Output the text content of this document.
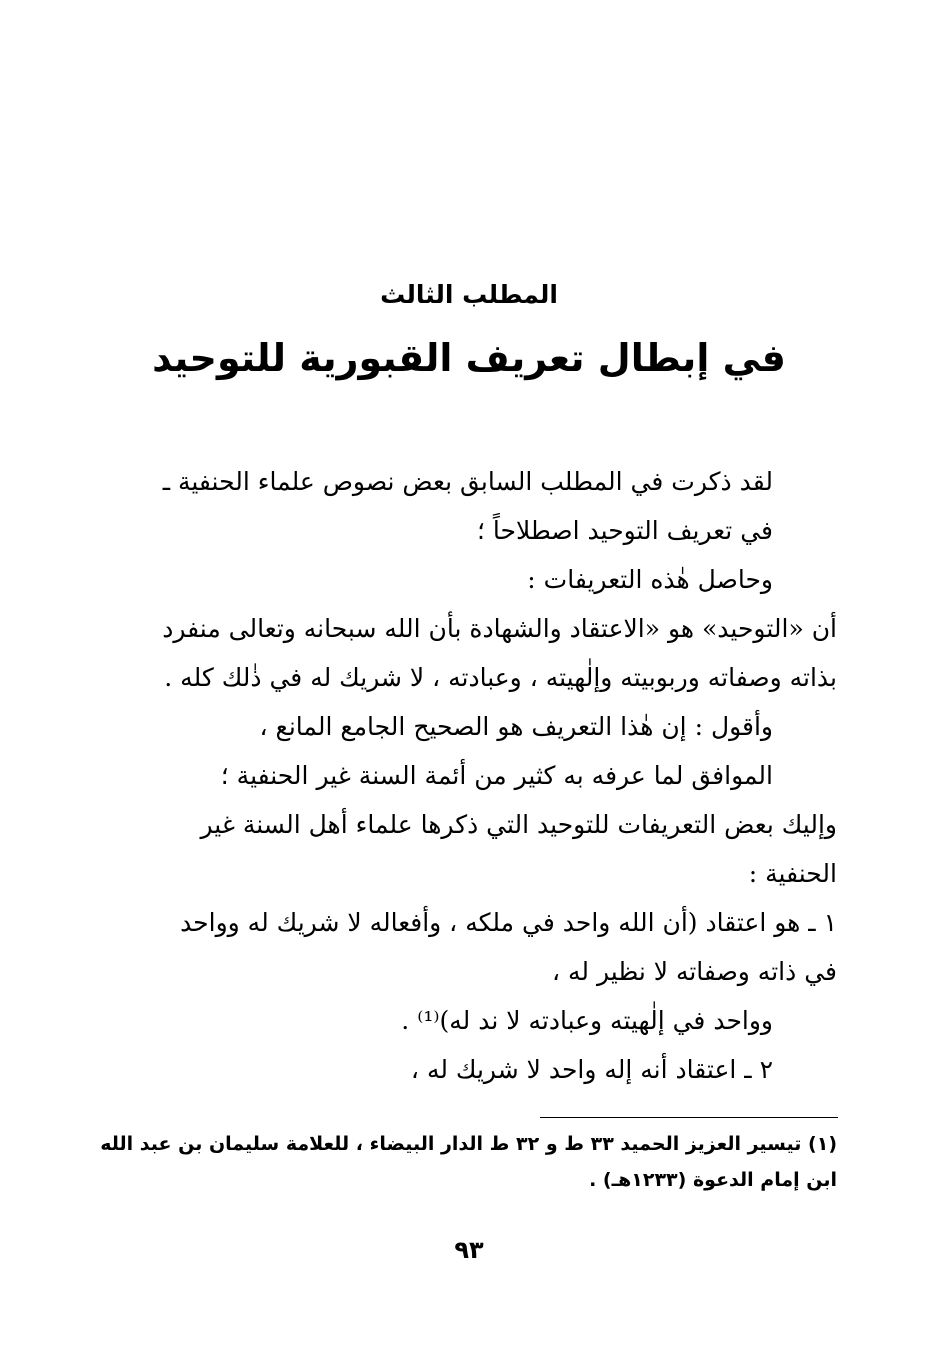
المطلب الثالث
في إبطال تعريف القبورية للتوحيد
لقد ذكرت في المطلب السابق بعض نصوص علماء الحنفية ـ
في تعريف التوحيد اصطلاحاً ؛
وحاصل هٰذه التعريفات :
أن «التوحيد» هو «الاعتقاد والشهادة بأن الله سبحانه وتعالى منفرد
بذاته وصفاته وربوبيته وإلٰهيته ، وعبادته ، لا شريك له في ذٰلك كله .
وأقول : إن هٰذا التعريف هو الصحيح الجامع المانع ،
الموافق لما عرفه به كثير من أئمة السنة غير الحنفية ؛
وإليك بعض التعريفات للتوحيد التي ذكرها علماء أهل السنة غير
الحنفية :
١ ـ هو اعتقاد (أن الله واحد في ملكه ، وأفعاله لا شريك له وواحد
في ذاته وصفاته لا نظير له ،
وواحد في إلٰهيته وعبادته لا ند له)⁽¹⁾ .
٢ ـ اعتقاد أنه إله واحد لا شريك له ،
(١) تيسير العزيز الحميد ٣٣ ط و ٣٢ ط الدار البيضاء ، للعلامة سليمان بن عبد الله
ابن إمام الدعوة (١٢٣٣هـ) .
٩٣
